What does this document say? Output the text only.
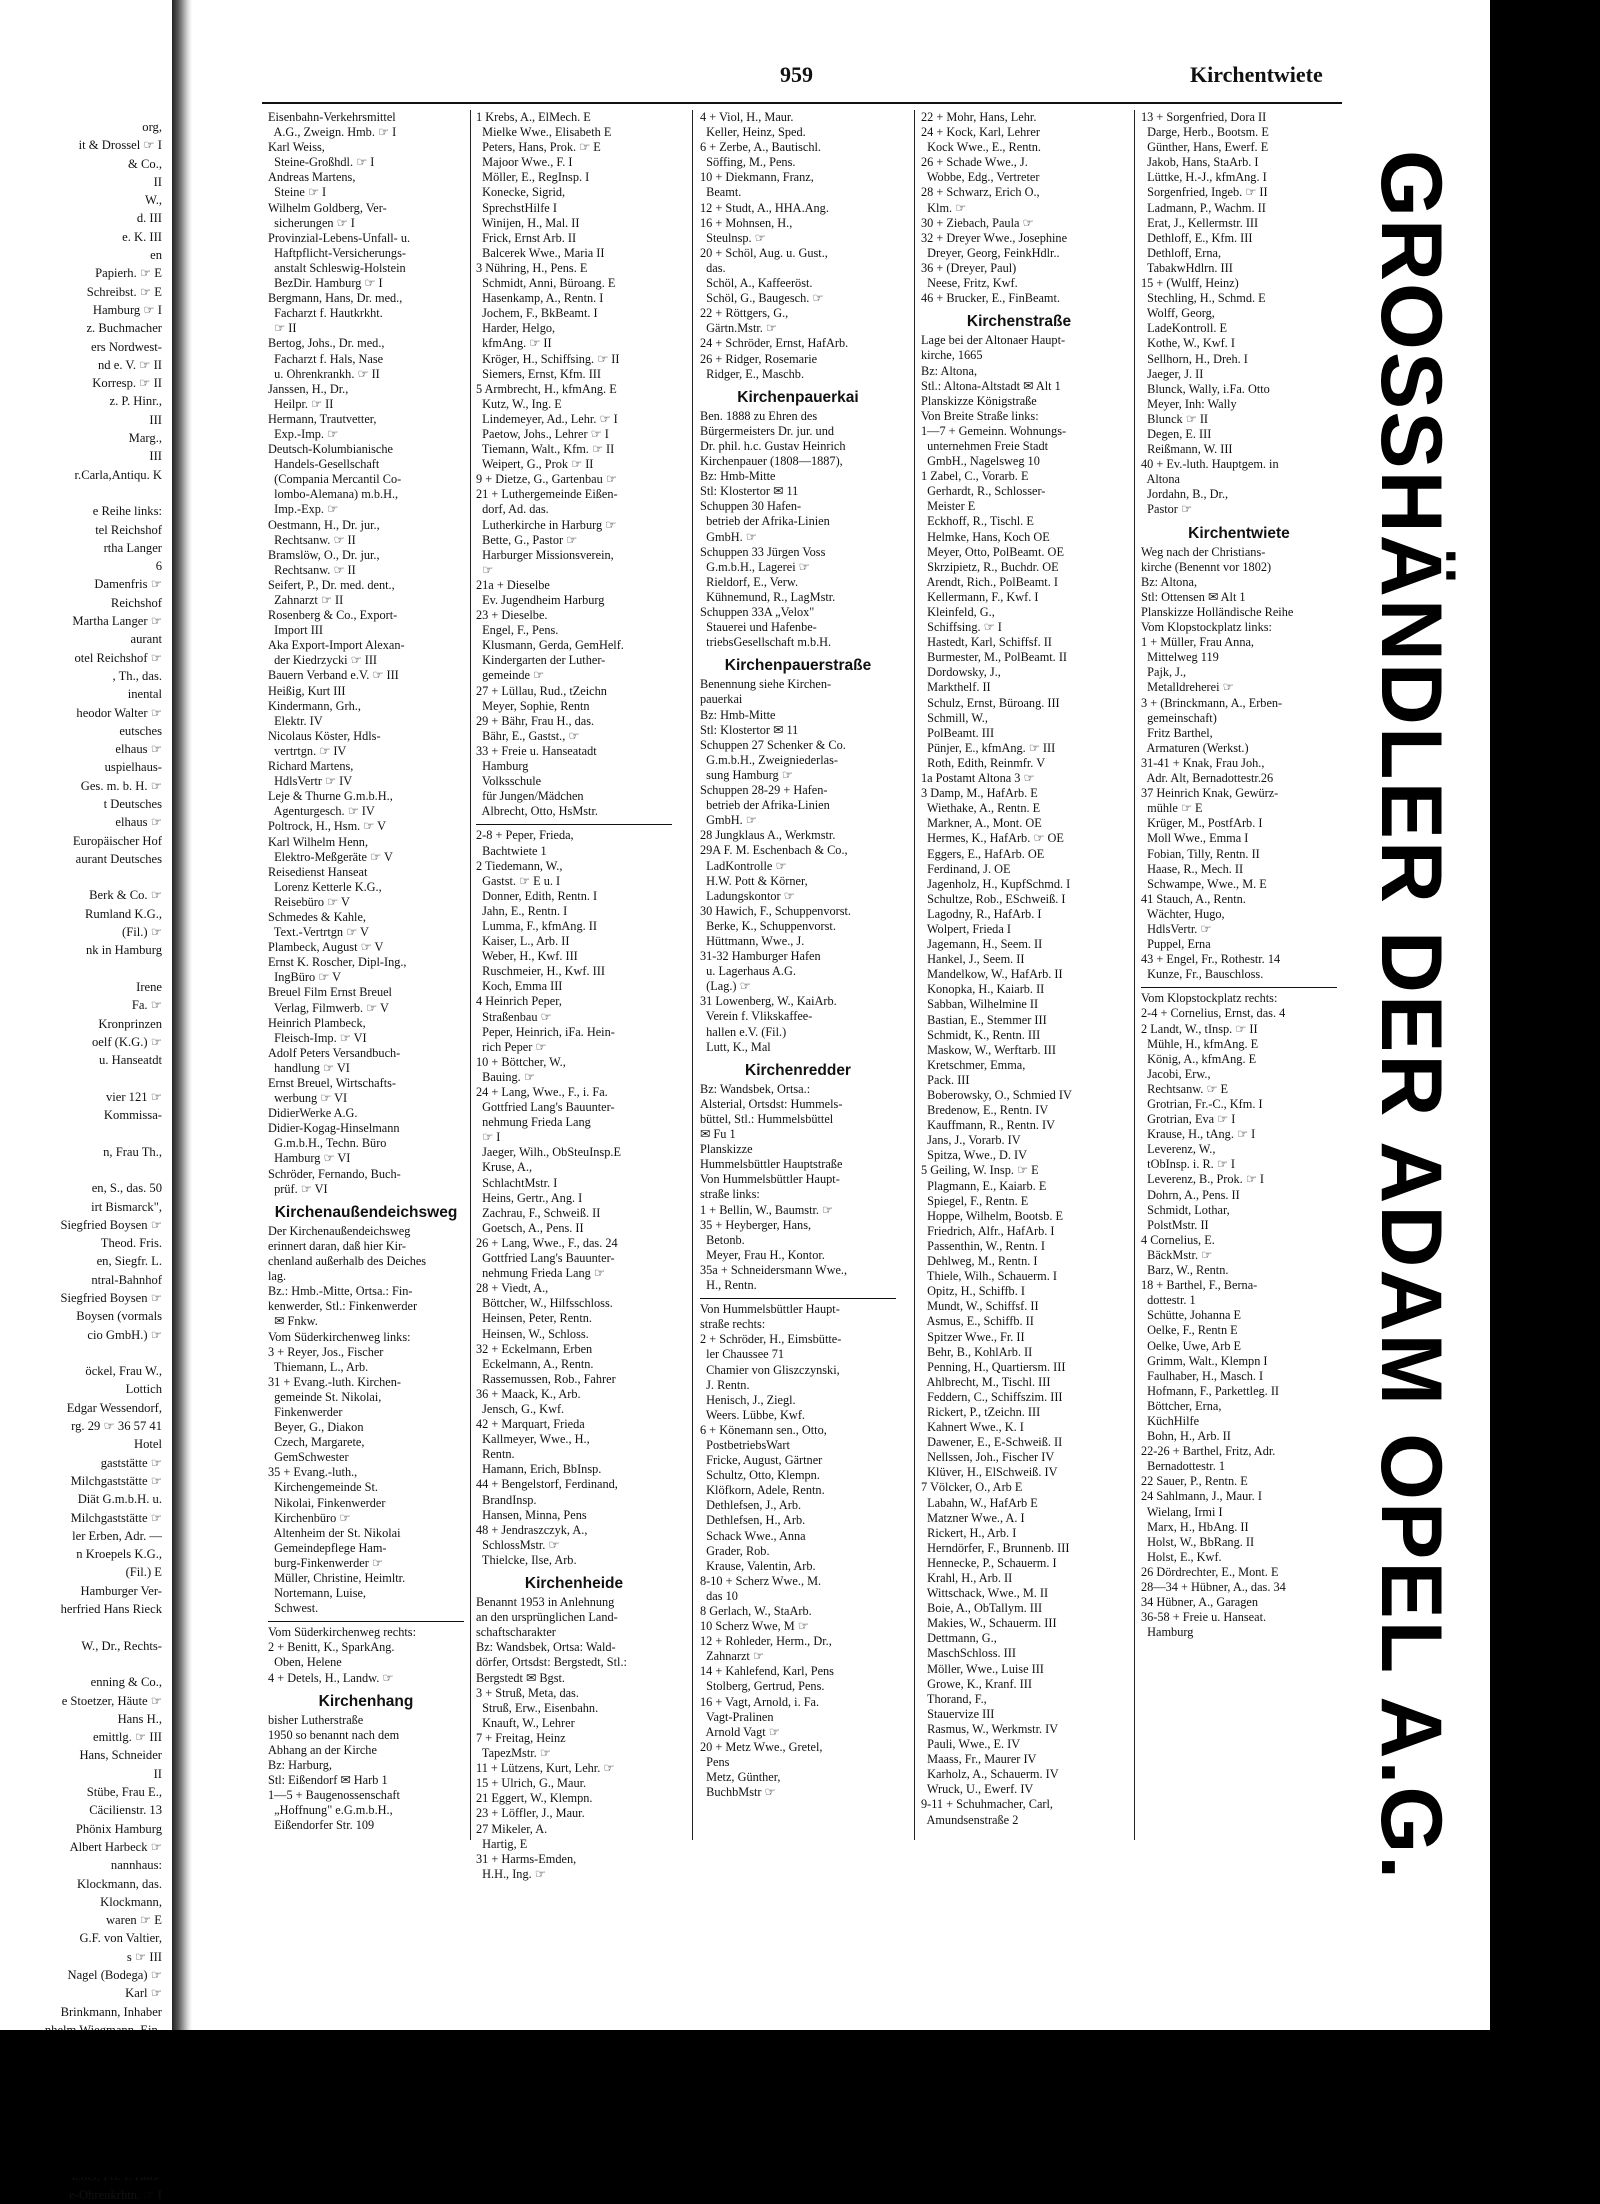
org,
it & Drossel ☞ I
& Co.,
II
W.,
d. III
e. K. III
en
Papierh. ☞ E
Schreibst. ☞ E
Hamburg ☞ I
z. Buchmacher
ers Nordwest-
nd e. V. ☞ II
Korresp. ☞ II
z. P. Hinr.,
III
Marg.,
III
r.Carla,Antiqu. K

e Reihe links:
tel Reichshof
rtha Langer
6
Damenfris ☞
Reichshof
Martha Langer ☞
aurant
otel Reichshof ☞
, Th., das.
inental
heodor Walter ☞
eutsches
elhaus ☞
uspielhaus-
Ges. m. b. H. ☞
t Deutsches
elhaus ☞
Europäischer Hof
aurant Deutsches

Berk & Co. ☞
Rumland K.G.,
(Fil.) ☞
nk in Hamburg

Irene
Fa. ☞
Kronprinzen
oelf (K.G.) ☞
u. Hanseatdt

vier 121 ☞
Kommissa-

n, Frau Th.,

en, S., das. 50
irt Bismarck",
Siegfried Boysen ☞
Theod. Fris.
en, Siegfr. L.
ntral-Bahnhof
Siegfried Boysen ☞
Boysen (vormals
cio GmbH.) ☞

öckel, Frau W.,
Lottich
Edgar Wessendorf,
rg. 29 ☞ 36 57 41
Hotel
gaststätte ☞
Milchgaststätte ☞
Diät G.m.b.H. u.
Milchgaststätte ☞
ler Erben, Adr. —
n Kroepels K.G.,
(Fil.) E
Hamburger Ver-
herfried Hans Rieck

W., Dr., Rechts-

enning & Co.,
e Stoetzer, Häute ☞
Hans H.,
emittlg. ☞ III
Hans, Schneider
II
Stübe, Frau E.,
Cäcilienstr. 13
Phönix Hamburg
Albert Harbeck ☞
nannhaus:
Klockmann, das.
Klockmann,
waren ☞ E
G.F. von Valtier,
s ☞ III
Nagel (Bodega) ☞
Karl ☞
Brinkmann, Inhaber

e-Ohrenkrhtn. ☞ I
959	Kirchentwiete
Eisenbahn-Verkehrsmittel
A.G., Zweign. Hmb. ☞ I
Karl Weiss,
Steine-Großhdl. ☞ I
Andreas Martens,
Steine ☞ I
Wilhelm Goldberg, Ver-
sicherungen ☞ I
Provinzial-Lebens-Unfall- u.
Haftpflicht-Versicherungs-
anstalt Schleswig-Holstein
BezDir. Hamburg ☞ I
Bergmann, Hans, Dr. med.,
Facharzt f. Hautkrkht.
☞ II
Bertog, Johs., Dr. med.,
Facharzt f. Hals, Nase
u. Ohrenkrankh. ☞ II
Janssen, H., Dr.,
Heilpr. ☞ II
Hermann, Trautvetter,
Exp.-Imp. ☞
Deutsch-Kolumbianische
Handels-Gesellschaft
(Compania Mercantil Co-
lombo-Alemana) m.b.H.,
Imp.-Exp. ☞
Oestmann, H., Dr. jur.,
Rechtsanw. ☞ II
Bramslöw, O., Dr. jur.,
Rechtsanw. ☞ II
Seifert, P., Dr. med. dent.,
Zahnarzt ☞ II
Rosenberg & Co., Export-
Import III
Aka Export-Import Alexan-
der Kiedrzycki ☞ III
Bauern Verband e.V. ☞ III
Heißig, Kurt III
Kindermann, Grh.,
Elektr. IV
Nicolaus Köster, Hdls-
vertrtgn. ☞ IV
Richard Martens,
HdlsVertr ☞ IV
Leje & Thurne G.m.b.H.,
Agenturgesch. ☞ IV
Poltrock, H., Hsm. ☞ V
Karl Wilhelm Henn,
Elektro-Meßgeräte ☞ V
Reisedienst Hanseat
Lorenz Ketterle K.G.,
Reisebüro ☞ V
Schmedes & Kahle,
Text.-Vertrtgn ☞ V
Plambeck, August ☞ V
Ernst K. Roscher, Dipl-Ing.,
IngBüro ☞ V
Breuel Film Ernst Breuel
Verlag, Filmwerb. ☞ V
Heinrich Plambeck,
Fleisch-Imp. ☞ VI
Adolf Peters Versandbuch-
handlung ☞ VI
Ernst Breuel, Wirtschafts-
werbung ☞ VI
DidierWerke A.G.
Didier-Kogag-Hinselmann
G.m.b.H., Techn. Büro
Hamburg ☞ VI
Schröder, Fernando, Buch-
prüf. ☞ VI
Kirchenaußendeichsweg
Der Kirchenaußendeichsweg
erinnert daran, daß hier Kir-
chenland außerhalb des Deiches
lag.
Bz.: Hmb.-Mitte, Ortsa.: Fin-
kenwerder, Stl.: Finkenwerder
✉ Fnkw.
Vom Süderkirchenweg links:
3 + Reyer, Jos., Fischer
Thiemann, L., Arb.
31 + Evang.-luth. Kirchen-
gemeinde St. Nikolai,
Finkenwerder
Beyer, G., Diakon
Czech, Margarete,
GemSchwester
35 + Evang.-luth.,
Kirchengemeinde St.
Nikolai, Finkenwerder
Kirchenbüro ☞
Altenheim der St. Nikolai
Gemeindepflege Ham-
burg-Finkenwerder ☞
Müller, Christine, Heimltr.
Nortemann, Luise,
Schwest.
Vom Süderkirchenweg rechts:
2 + Benitt, K., SparkAng.
Oben, Helene
4 + Detels, H., Landw. ☞
Kirchenhang
bisher Lutherstraße
1950 so benannt nach dem
Abhang an der Kirche
Bz: Harburg,
Stl: Eißendorf ✉ Harb 1
1—5 + Baugenossenschaft
„Hoffnung" e.G.m.b.H.,
Eißendorfer Str. 109
1 Krebs, A., ElMech. E
Mielke Wwe., Elisabeth E
Peters, Hans, Prok. ☞ E
Majoor Wwe., F. I
Möller, E., RegInsp. I
Konecke, Sigrid,
SprechstHilfe I
Winijen, H., Mal. II
Frick, Ernst Arb. II
Balcerek Wwe., Maria II
3 Nühring, H., Pens. E
Schmidt, Anni, Büroang. E
Hasenkamp, A., Rentn. I
Jochem, F., BkBeamt. I
Harder, Helgo,
kfmAng. ☞ II
Kröger, H., Schiffsing. ☞ II
Siemers, Ernst, Kfm. III
5 Armbrecht, H., kfmAng. E
Kutz, W., Ing. E
Lindemeyer, Ad., Lehr. ☞ I
Paetow, Johs., Lehrer ☞ I
Tiemann, Walt., Kfm. ☞ II
Weipert, G., Prok ☞ II
9 + Dietze, G., Gartenbau ☞
21 + Luthergemeinde Eißen-
dorf, Ad. das.
Lutherkirche in Harburg ☞
Bette, G., Pastor ☞
Harburger Missionsverein,
☞
21a + Dieselbe
Ev. Jugendheim Harburg
23 + Dieselbe.
Engel, F., Pens.
Klusmann, Gerda, GemHelf.
Kindergarten der Luther-
gemeinde ☞
27 + Lüllau, Rud., tZeichn
Meyer, Sophie, Rentn
29 + Bähr, Frau H., das.
Bähr, E., Gastst., ☞
33 + Freie u. Hanseatadt
Hamburg
Volksschule
für Jungen/Mädchen
Albrecht, Otto, HsMstr.
2-8 + Peper, Frieda,
Bachtwiete 1
2 Tiedemann, W.,
Gastst. ☞ E u. I
Donner, Edith, Rentn. I
Jahn, E., Rentn. I
Lumma, F., kfmAng. II
Kaiser, L., Arb. II
Weber, H., Kwf. III
Ruschmeier, H., Kwf. III
Koch, Emma III
4 Heinrich Peper,
Straßenbau ☞
Peper, Heinrich, iFa. Hein-
rich Peper ☞
10 + Böttcher, W.,
Bauing. ☞
24 + Lang, Wwe., F., i. Fa.
Gottfried Lang's Bauunter-
nehmung Frieda Lang
☞ I
Jaeger, Wilh., ObSteuInsp.E
Kruse, A.,
SchlachtMstr. I
Heins, Gertr., Ang. I
Zachrau, F., Schweiß. II
Goetsch, A., Pens. II
26 + Lang, Wwe., F., das. 24
Gottfried Lang's Bauunter-
nehmung Frieda Lang ☞
28 + Viedt, A.,
Böttcher, W., Hilfsschloss.
Heinsen, Peter, Rentn.
Heinsen, W., Schloss.
32 + Eckelmann, Erben
Eckelmann, A., Rentn.
Rassemussen, Rob., Fahrer
36 + Maack, K., Arb.
Jensch, G., Kwf.
42 + Marquart, Frieda
Kallmeyer, Wwe., H.,
Rentn.
Hamann, Erich, BbInsp.
44 + Bengelstorf, Ferdinand,
BrandInsp.
Hansen, Minna, Pens
48 + Jendraszczyk, A.,
SchlossMstr. ☞
Thielcke, Ilse, Arb.
Kirchenheide
Benannt 1953 in Anlehnung
an den ursprünglichen Land-
schaftscharakter
Bz: Wandsbek, Ortsa: Wald-
dörfer, Ortsdst: Bergstedt, Stl.:
Bergstedt ✉ Bgst.
3 + Struß, Meta, das.
Struß, Erw., Eisenbahn.
Knauft, W., Lehrer
7 + Freitag, Heinz
TapezMstr. ☞
11 + Lützens, Kurt, Lehr. ☞
15 + Ulrich, G., Maur.
21 Eggert, W., Klempn.
23 + Löffler, J., Maur.
27 Mikeler, A.
Hartig, E
31 + Harms-Emden,
H.H., Ing. ☞
4 + Viol, H., Maur.
Keller, Heinz, Sped.
6 + Zerbe, A., Bautischl.
Söffing, M., Pens.
10 + Diekmann, Franz,
Beamt.
12 + Studt, A., HHA.Ang.
16 + Mohnsen, H.,
Steulnsp. ☞
20 + Schöl, Aug. u. Gust.,
das.
Schöl, A., Kaffeeröst.
Schöl, G., Baugesch. ☞
22 + Röttgers, G.,
Gärtn.Mstr. ☞
24 + Schröder, Ernst, HafArb.
26 + Ridger, Rosemarie
Ridger, E., Maschb.
Kirchenpauerkai
Ben. 1888 zu Ehren des
Bürgermeisters Dr. jur. und
Dr. phil. h.c. Gustav Heinrich
Kirchenpauer (1808—1887),
Bz: Hmb-Mitte
Stl: Klostertor ✉ 11
Schuppen 30 Hafen-
betrieb der Afrika-Linien
GmbH. ☞
Schuppen 33 Jürgen Voss
G.m.b.H., Lagerei ☞
Rieldorf, E., Verw.
Kühnemund, R., LagMstr.
Schuppen 33A „Velox"
Stauerei und Hafenbe-
triebsGesellschaft m.b.H.
Kirchenpauerstraße
Benennung siehe Kirchen-
pauerkai
Bz: Hmb-Mitte
Stl: Klostertor ✉ 11
Schuppen 27 Schenker & Co.
G.m.b.H., Zweigniederlas-
sung Hamburg ☞
Schuppen 28-29 + Hafen-
betrieb der Afrika-Linien
GmbH. ☞
28 Jungklaus A., Werkmstr.
29A F. M. Eschenbach & Co.,
LadKontrolle ☞
H.W. Pott & Körner,
Ladungskontor ☞
30 Hawich, F., Schuppenvorst.
Berke, K., Schuppenvorst.
Hüttmann, Wwe., J.
31-32 Hamburger Hafen
u. Lagerhaus A.G.
(Lag.) ☞
31 Lowenberg, W., KaiArb.
Verein f. Vlikskaffee-
hallen e.V. (Fil.)
Lutt, K., Mal
Kirchenredder
Bz: Wandsbek, Ortsa.:
Alsterial, Ortsdst: Hummels-
büttel, Stl.: Hummelsbüttel
✉ Fu 1
Planskizze
Hummelsbüttler Hauptstraße
Von Hummelsbüttler Haupt-
straße links:
1 + Bellin, W., Baumstr. ☞
35 + Heyberger, Hans,
Betonb.
Meyer, Frau H., Kontor.
35a + Schneidersmann Wwe.,
H., Rentn.
Von Hummelsbüttler Haupt-
straße rechts:
2 + Schröder, H., Eimsbütte-
ler Chaussee 71
Chamier von Gliszczynski,
J. Rentn.
Henisch, J., Ziegl.
Weers. Lübbe, Kwf.
6 + Könemann sen., Otto,
PostbetriebsWart
Fricke, August, Gärtner
Schultz, Otto, Klempn.
Klöfkorn, Adele, Rentn.
Dethlefsen, J., Arb.
Dethlefsen, H., Arb.
Schack Wwe., Anna
Grader, Rob.
Krause, Valentin, Arb.
8-10 + Scherz Wwe., M.
das 10
8 Gerlach, W., StaArb.
10 Scherz Wwe, M ☞
12 + Rohleder, Herm., Dr.,
Zahnarzt ☞
14 + Kahlefend, Karl, Pens
Stolberg, Gertrud, Pens.
16 + Vagt, Arnold, i. Fa.
Vagt-Pralinen
Arnold Vagt ☞
20 + Metz Wwe., Gretel,
Pens
Metz, Günther,
BuchbMstr ☞
22 + Mohr, Hans, Lehr.
24 + Kock, Karl, Lehrer
Kock Wwe., E., Rentn.
26 + Schade Wwe., J.
Wobbe, Edg., Vertreter
28 + Schwarz, Erich O.,
Klm. ☞
30 + Ziebach, Paula ☞
32 + Dreyer Wwe., Josephine
Dreyer, Georg, FeinkHdlr..
36 + (Dreyer, Paul)
Neese, Fritz, Kwf.
46 + Brucker, E., FinBeamt.
Kirchenstraße
Lage bei der Altonaer Haupt-
kirche, 1665
Bz: Altona,
Stl.: Altona-Altstadt ✉ Alt 1
Planskizze Königstraße
Von Breite Straße links:
1—7 + Gemeinn. Wohnungs-
unternehmen Freie Stadt
GmbH., Nagelsweg 10
1 Zabel, C., Vorarb. E
Gerhardt, R., Schlosser-
Meister E
Eckhoff, R., Tischl. E
Helmke, Hans, Koch OE
Meyer, Otto, PolBeamt. OE
Skrzipietz, R., Buchdr. OE
Arendt, Rich., PolBeamt. I
Kellermann, F., Kwf. I
Kleinfeld, G.,
Schiffsing. ☞ I
Hastedt, Karl, Schiffsf. II
Burmester, M., PolBeamt. II
Dordowsky, J.,
Markthelf. II
Schulz, Ernst, Büroang. III
Schmill, W.,
PolBeamt. III
Pünjer, E., kfmAng. ☞ III
Roth, Edith, Reinmfr. V
1a Postamt Altona 3 ☞
3 Damp, M., HafArb. E
Wiethake, A., Rentn. E
Markner, A., Mont. OE
Hermes, K., HafArb. ☞ OE
Eggers, E., HafArb. OE
Ferdinand, J. OE
Jagenholz, H., KupfSchmd. I
Schultze, Rob., ESchweiß. I
Lagodny, R., HafArb. I
Wolpert, Frieda I
Jagemann, H., Seem. II
Hankel, J., Seem. II
Mandelkow, W., HafArb. II
Konopka, H., Kaiarb. II
Sabban, Wilhelmine II
Bastian, E., Stemmer III
Schmidt, K., Rentn. III
Maskow, W., Werftarb. III
Kretschmer, Emma,
Pack. III
Boberowsky, O., Schmied IV
Bredenow, E., Rentn. IV
Kauffmann, R., Rentn. IV
Jans, J., Vorarb. IV
Spitza, Wwe., D. IV
5 Geiling, W. Insp. ☞ E
Plagmann, E., Kaiarb. E
Spiegel, F., Rentn. E
Hoppe, Wilhelm, Bootsb. E
Friedrich, Alfr., HafArb. I
Passenthin, W., Rentn. I
Dehlweg, M., Rentn. I
Thiele, Wilh., Schauerm. I
Opitz, H., Schiffb. I
Mundt, W., Schiffsf. II
Asmus, E., Schiffb. II
Spitzer Wwe., Fr. II
Behr, B., KohlArb. II
Penning, H., Quartiersm. III
Ahlbrecht, M., Tischl. III
Feddern, C., Schiffszim. III
Rickert, P., tZeichn. III
Kahnert Wwe., K. I
Dawener, E., E-Schweiß. II
Nellssen, Joh., Fischer IV
Klüver, H., ElSchweiß. IV
7 Völcker, O., Arb E
Labahn, W., HafArb E
Matzner Wwe., A. I
Rickert, H., Arb. I
Herndörfer, F., Brunnenb. III
Hennecke, P., Schauerm. I
Krahl, H., Arb. II
Wittschack, Wwe., M. II
Boie, A., ObTallym. III
Makies, W., Schauerm. III
Dettmann, G.,
MaschSchloss. III
Möller, Wwe., Luise III
Growe, K., Kranf. III
Thorand, F.,
Stauervize III
Rasmus, W., Werkmstr. IV
Pauli, Wwe., E. IV
Maass, Fr., Maurer IV
Karholz, A., Schauerm. IV
Wruck, U., Ewerf. IV
9-11 + Schuhmacher, Carl,
Amundsenstraße 2
13 + Sorgenfried, Dora II
Darge, Herb., Bootsm. E
Günther, Hans, Ewerf. E
Jakob, Hans, StaArb. I
Lüttke, H.-J., kfmAng. I
Sorgenfried, Ingeb. ☞ II
Ladmann, P., Wachm. II
Erat, J., Kellermstr. III
Dethloff, E., Kfm. III
Dethloff, Erna,
TabakwHdlrn. III
15 + (Wulff, Heinz)
Stechling, H., Schmd. E
Wolff, Georg,
LadeKontroll. E
Kothe, W., Kwf. I
Sellhorn, H., Dreh. I
Jaeger, J. II
Blunck, Wally, i.Fa. Otto
Meyer, Inh: Wally
Blunck ☞ II
Degen, E. III
Reißmann, W. III
40 + Ev.-luth. Hauptgem. in
Altona
Jordahn, B., Dr.,
Pastor ☞
Kirchentwiete
Weg nach der Christians-
kirche (Benennt vor 1802)
Bz: Altona,
Stl: Ottensen ✉ Alt 1
Planskizze Holländische Reihe
Vom Klopstockplatz links:
1 + Müller, Frau Anna,
Mittelweg 119
Pajk, J.,
Metalldreherei ☞
3 + (Brinckmann, A., Erben-
gemeinschaft)
Fritz Barthel,
Armaturen (Werkst.)
31-41 + Knak, Frau Joh.,
Adr. Alt, Bernadottestr.26
37 Heinrich Knak, Gewürz-
mühle ☞ E
Krüger, M., PostfArb. I
Moll Wwe., Emma I
Fobian, Tilly, Rentn. II
Haase, R., Mech. II
Schwampe, Wwe., M. E
41 Stauch, A., Rentn.
Wächter, Hugo,
HdlsVertr. ☞
Puppel, Erna
43 + Engel, Fr., Rothestr. 14
Kunze, Fr., Bauschloss.
Vom Klopstockplatz rechts:
2-4 + Cornelius, Ernst, das. 4
2 Landt, W., tInsp. ☞ II
Mühle, H., kfmAng. E
König, A., kfmAng. E
Jacobi, Erw.,
Rechtsanw. ☞ E
Grotrian, Fr.-C., Kfm. I
Grotrian, Eva ☞ I
Krause, H., tAng. ☞ I
Leverenz, W.,
tObInsp. i. R. ☞ I
Leverenz, B., Prok. ☞ I
Dohrn, A., Pens. II
Schmidt, Lothar,
PolstMstr. II
4 Cornelius, E.
BäckMstr. ☞
Barz, W., Rentn.
18 + Barthel, F., Berna-
dottestr. 1
Schütte, Johanna E
Oelke, F., Rentn E
Oelke, Uwe, Arb E
Grimm, Walt., Klempn I
Faulhaber, H., Masch. I
Hofmann, F., Parkettleg. II
Böttcher, Erna,
KüchHilfe
Bohn, H., Arb. II
22-26 + Barthel, Fritz, Adr.
Bernadottestr. 1
22 Sauer, P., Rentn. E
24 Sahlmann, J., Maur. I
Wielang, Irmi I
Marx, H., HbAng. II
Holst, W., BbRang. II
Holst, E., Kwf.
26 Dördrechter, E., Mont. E
28—34 + Hübner, A., das. 34
34 Hübner, A., Garagen
36-58 + Freie u. Hanseat.
Hamburg	GROSSHÄNDLER DER ADAM OPEL A.G.
